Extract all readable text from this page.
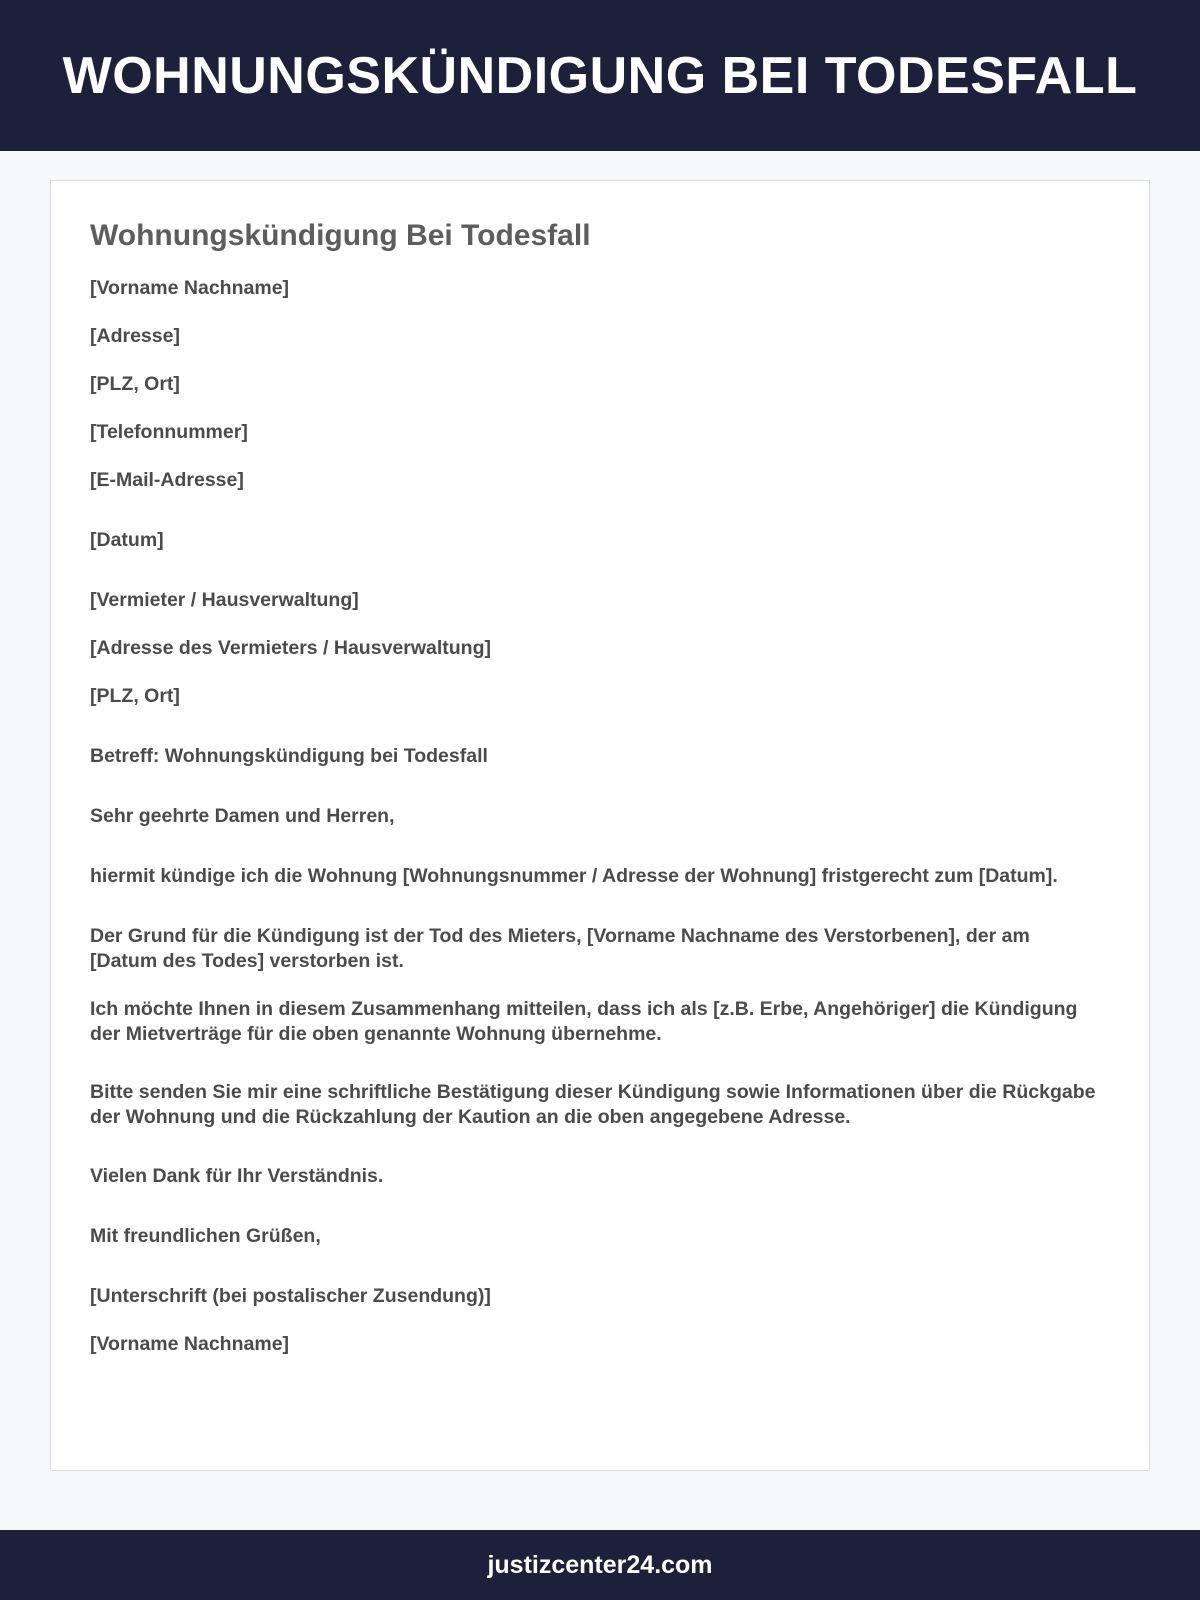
WOHNUNGSKÜNDIGUNG BEI TODESFALL
Wohnungskündigung Bei Todesfall
[Vorname Nachname]
[Adresse]
[PLZ, Ort]
[Telefonnummer]
[E-Mail-Adresse]
[Datum]
[Vermieter / Hausverwaltung]
[Adresse des Vermieters / Hausverwaltung]
[PLZ, Ort]
Betreff: Wohnungskündigung bei Todesfall
Sehr geehrte Damen und Herren,
hiermit kündige ich die Wohnung [Wohnungsnummer / Adresse der Wohnung] fristgerecht zum [Datum].
Der Grund für die Kündigung ist der Tod des Mieters, [Vorname Nachname des Verstorbenen], der am [Datum des Todes] verstorben ist.
Ich möchte Ihnen in diesem Zusammenhang mitteilen, dass ich als [z.B. Erbe, Angehöriger] die Kündigung der Mietverträge für die oben genannte Wohnung übernehme.
Bitte senden Sie mir eine schriftliche Bestätigung dieser Kündigung sowie Informationen über die Rückgabe der Wohnung und die Rückzahlung der Kaution an die oben angegebene Adresse.
Vielen Dank für Ihr Verständnis.
Mit freundlichen Grüßen,
[Unterschrift (bei postalischer Zusendung)]
[Vorname Nachname]
justizcenter24.com
